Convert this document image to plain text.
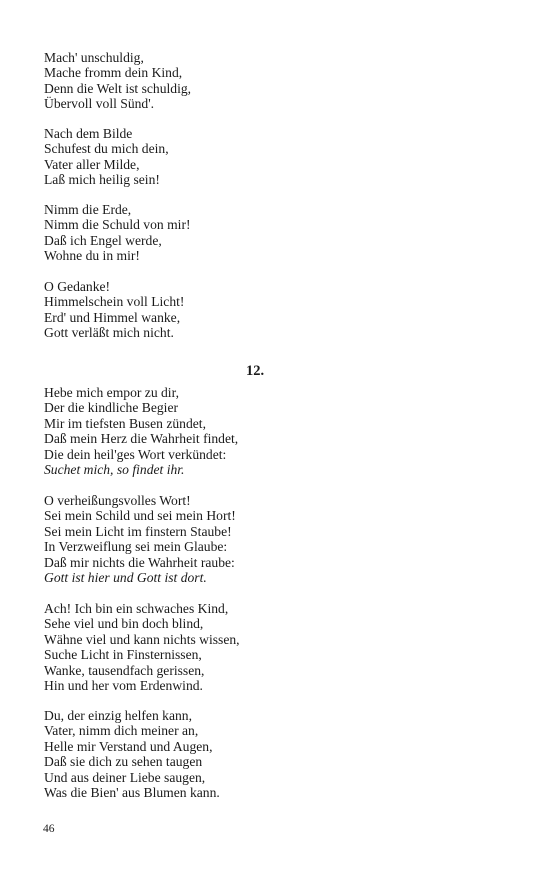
Mach' unschuldig,
Mache fromm dein Kind,
Denn die Welt ist schuldig,
Übervoll voll Sünd'.
Nach dem Bilde
Schufest du mich dein,
Vater aller Milde,
Laß mich heilig sein!
Nimm die Erde,
Nimm die Schuld von mir!
Daß ich Engel werde,
Wohne du in mir!
O Gedanke!
Himmelschein voll Licht!
Erd' und Himmel wanke,
Gott verläßt mich nicht.
12.
Hebe mich empor zu dir,
Der die kindliche Begier
Mir im tiefsten Busen zündet,
Daß mein Herz die Wahrheit findet,
Die dein heil'ges Wort verkündet:
Suchet mich, so findet ihr.
O verheißungsvolles Wort!
Sei mein Schild und sei mein Hort!
Sei mein Licht im finstern Staube!
In Verzweiflung sei mein Glaube:
Daß mir nichts die Wahrheit raube:
Gott ist hier und Gott ist dort.
Ach! Ich bin ein schwaches Kind,
Sehe viel und bin doch blind,
Wähne viel und kann nichts wissen,
Suche Licht in Finsternissen,
Wanke, tausendfach gerissen,
Hin und her vom Erdenwind.
Du, der einzig helfen kann,
Vater, nimm dich meiner an,
Helle mir Verstand und Augen,
Daß sie dich zu sehen taugen
Und aus deiner Liebe saugen,
Was die Bien' aus Blumen kann.
46
